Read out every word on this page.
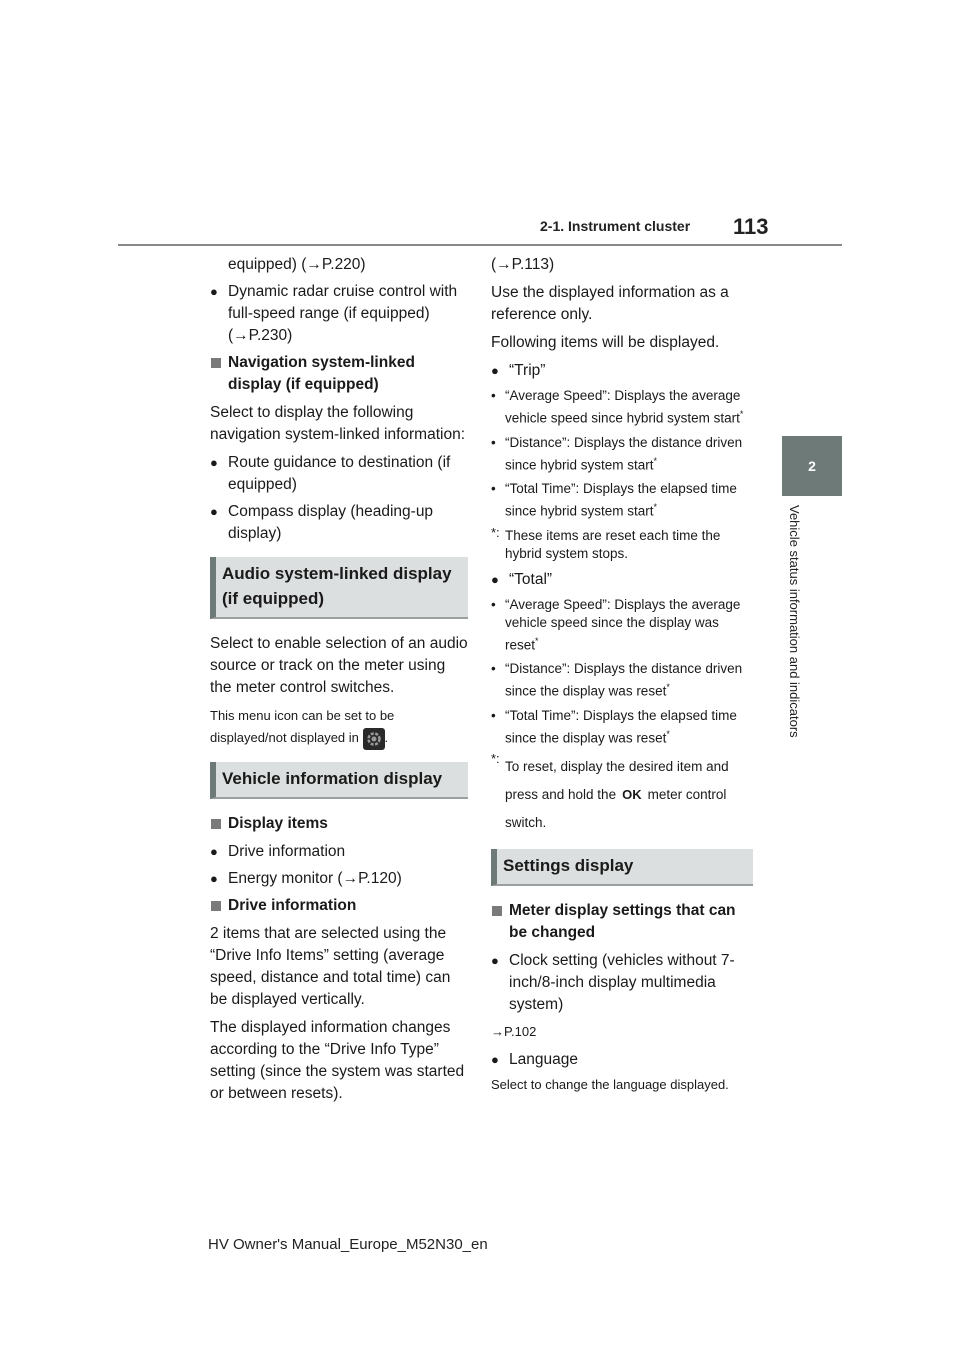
2-1. Instrument cluster 113
2
Vehicle status information and indicators
equipped) (→P.220)
● Dynamic radar cruise control with full-speed range (if equipped) (→P.230)
Navigation system-linked display (if equipped)

Select to display the following navigation system-linked information:

● Route guidance to destination (if equipped)
● Compass display (heading-up display)
Audio system-linked display (if equipped)

Select to enable selection of an audio source or track on the meter using the meter control switches.

This menu icon can be set to be displayed/not displayed in .

Vehicle information display
Display items
● Drive information
● Energy monitor (→P.120)
Drive information

2 items that are selected using the “Drive Info Items” setting (average speed, distance and total time) can be displayed vertically.

The displayed information changes according to the “Drive Info Type” setting (since the system was started or between resets).

(→P.113)

Use the displayed information as a reference only.

Following items will be displayed.

● “Trip”
• “Average Speed”: Displays the average vehicle speed since hybrid system start*
• “Distance”: Displays the distance driven since hybrid system start*
• “Total Time”: Displays the elapsed time since hybrid system start*
*: These items are reset each time the hybrid system stops.
● “Total”
• “Average Speed”: Displays the average vehicle speed since the display was reset*
• “Distance”: Displays the distance driven since the display was reset*
• “Total Time”: Displays the elapsed time since the display was reset*
*:
To reset, display the desired item and press and hold the OK meter control switch.
Settings display
Meter display settings that can be changed
● Clock setting (vehicles without 7-inch/8-inch display multimedia system)

→P.102

● Language

Select to change the language displayed.

HV Owner's Manual_Europe_M52N30_en
